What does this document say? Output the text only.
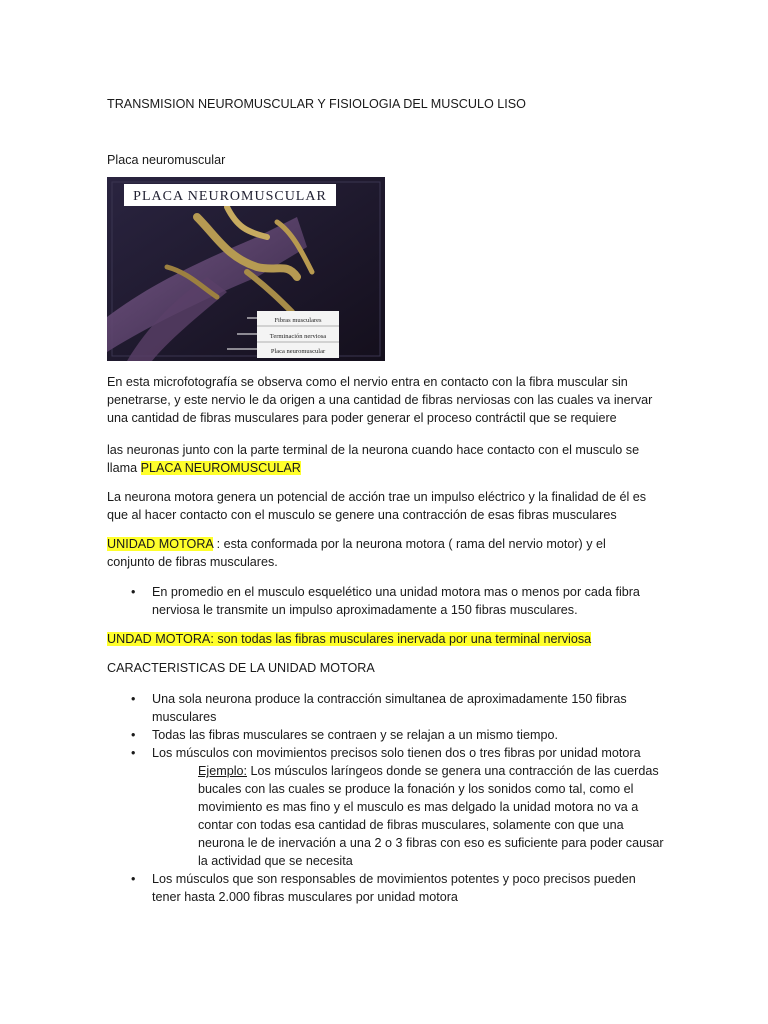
TRANSMISION NEUROMUSCULAR Y FISIOLOGIA DEL MUSCULO LISO
Placa neuromuscular
PLACA NEUROMUSCULAR
Fibras musculares
Terminación nerviosa
Placa neuromuscular
En esta microfotografía se observa como el nervio entra en contacto con la fibra muscular sin
penetrarse, y este nervio le da origen a una cantidad de fibras nerviosas con las cuales va inervar
una cantidad de fibras musculares para poder generar el proceso contráctil que se requiere
las neuronas junto con la parte terminal de la neurona cuando hace contacto con el musculo se
llama PLACA NEUROMUSCULAR
La neurona motora genera un potencial de acción trae un impulso eléctrico y la finalidad de él es
que al hacer contacto con el musculo se genere una contracción de esas fibras musculares
UNIDAD MOTORA : esta conformada por la neurona motora ( rama del nervio motor) y el
conjunto de fibras musculares.
• En promedio en el musculo esquelético una unidad motora mas o menos por cada fibra
nerviosa le transmite un impulso aproximadamente a 150 fibras musculares.
UNDAD MOTORA: son todas las fibras musculares inervada por una terminal nerviosa
CARACTERISTICAS DE LA UNIDAD MOTORA
• Una sola neurona produce la contracción simultanea de aproximadamente 150 fibras
musculares
• Todas las fibras musculares se contraen y se relajan a un mismo tiempo.
• Los músculos con movimientos precisos solo tienen dos o tres fibras por unidad motora
Ejemplo: Los músculos laríngeos donde se genera una contracción de las cuerdas
bucales con las cuales se produce la fonación y los sonidos como tal, como el
movimiento es mas fino y el musculo es mas delgado la unidad motora no va a
contar con todas esa cantidad de fibras musculares, solamente con que una
neurona le de inervación a una 2 o 3 fibras con eso es suficiente para poder causar
la actividad que se necesita
• Los músculos que son responsables de movimientos potentes y poco precisos pueden
tener hasta 2.000 fibras musculares por unidad motora
